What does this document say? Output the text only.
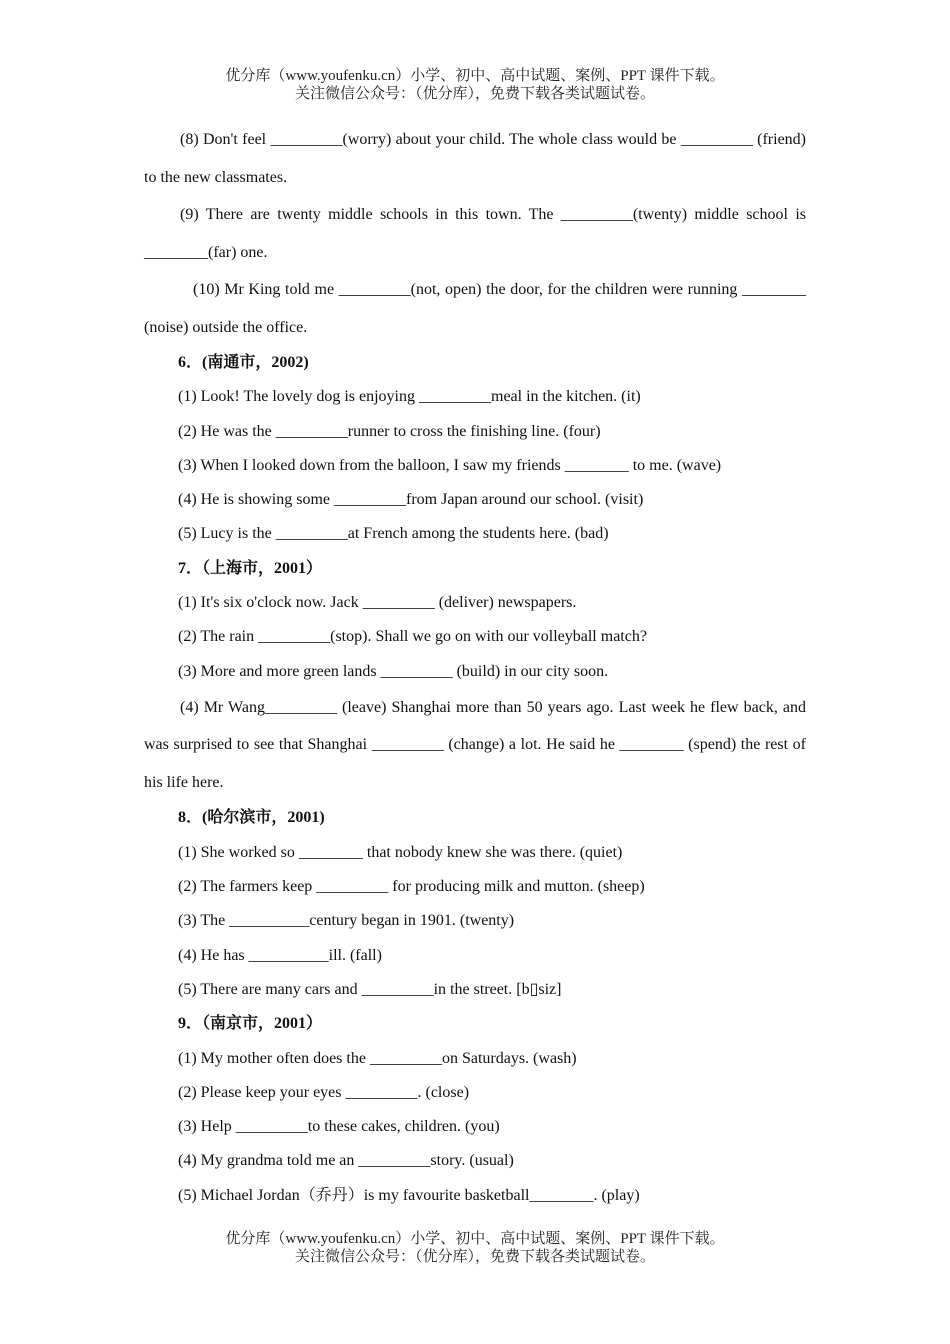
优分库（www.youfenku.cn）小学、初中、高中试题、案例、PPT 课件下载。
关注微信公众号：（优分库），免费下载各类试题试卷。

(8) Don't feel _________(worry) about your child. The whole class would be _________ (friend) to the new classmates.

(9) There are twenty middle schools in this town. The _________(twenty) middle school is ________(far) one.

(10) Mr King told me _________(not, open) the door, for the children were running ________ (noise) outside the office.

6．(南通市，2002)

(1) Look! The lovely dog is enjoying _________meal in the kitchen. (it)

(2) He was the _________runner to cross the finishing line. (four)

(3) When I looked down from the balloon, I saw my friends ________ to me. (wave)

(4) He is showing some _________from Japan around our school. (visit)

(5) Lucy is the _________at French among the students here. (bad)

7．（上海市，2001）

(1) It's six o'clock now. Jack _________ (deliver) newspapers.

(2) The rain _________(stop). Shall we go on with our volleyball match?

(3) More and more green lands _________ (build) in our city soon.

(4) Mr Wang_________ (leave) Shanghai more than 50 years ago. Last week he flew back, and was surprised to see that Shanghai _________ (change) a lot. He said he ________ (spend) the rest of his life here.

8．(哈尔滨市，2001)

(1) She worked so ________ that nobody knew she was there. (quiet)

(2) The farmers keep _________ for producing milk and mutton. (sheep)

(3) The __________century began in 1901. (twenty)

(4) He has __________ill. (fall)

(5) There are many cars and _________in the street. [b▯siz]

9．（南京市，2001）

(1) My mother often does the _________on Saturdays. (wash)

(2) Please keep your eyes _________. (close)

(3) Help _________to these cakes, children. (you)

(4) My grandma told me an _________story. (usual)

(5) Michael Jordan（乔丹）is my favourite basketball________. (play)

优分库（www.youfenku.cn）小学、初中、高中试题、案例、PPT 课件下载。
关注微信公众号：（优分库），免费下载各类试题试卷。
